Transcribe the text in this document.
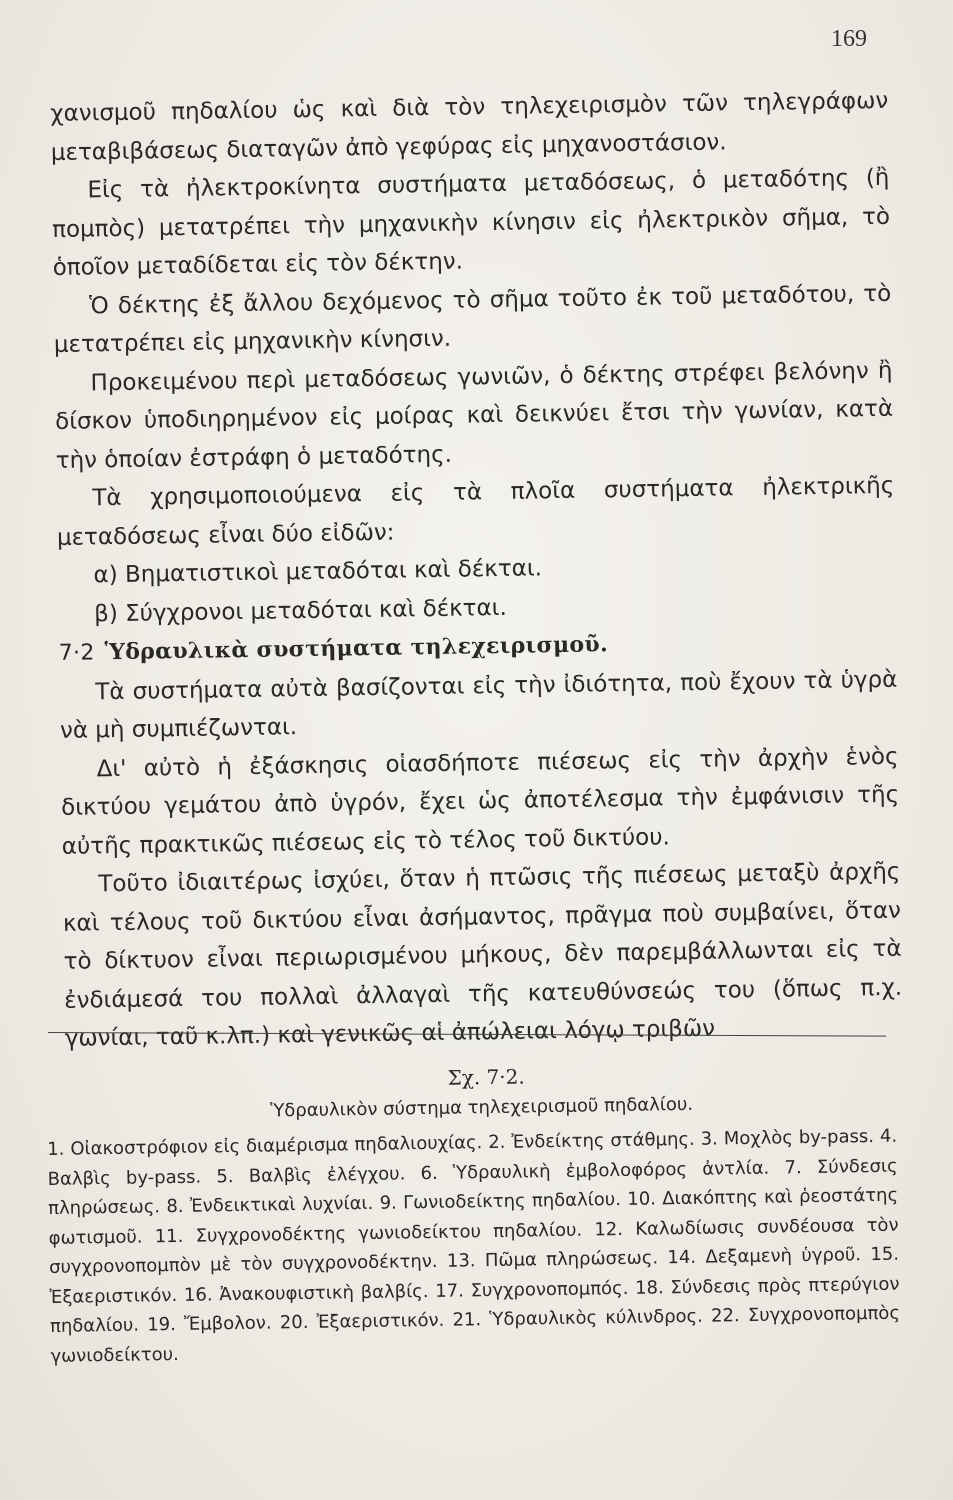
169

χανισμοῦ πηδαλίου ὡς καὶ διὰ τὸν τηλεχειρισμὸν τῶν τηλεγράφων μεταβιβάσεως διαταγῶν ἀπὸ γεφύρας εἰς μηχανοστάσιον.

Εἰς τὰ ἠλεκτροκίνητα συστήματα μεταδόσεως, ὁ μεταδότης (ἢ πομπὸς) μετατρέπει τὴν μηχανικὴν κίνησιν εἰς ἠλεκτρικὸν σῆμα, τὸ ὁποῖον μεταδίδεται εἰς τὸν δέκτην.

Ὁ δέκτης ἐξ ἄλλου δεχόμενος τὸ σῆμα τοῦτο ἐκ τοῦ μεταδότου, τὸ μετατρέπει εἰς μηχανικὴν κίνησιν.

Προκειμένου περὶ μεταδόσεως γωνιῶν, ὁ δέκτης στρέφει βελόνην ἢ δίσκον ὑποδιηρημένον εἰς μοίρας καὶ δεικνύει ἔτσι τὴν γωνίαν, κατὰ τὴν ὁποίαν ἐστράφη ὁ μεταδότης.

Τὰ χρησιμοποιούμενα εἰς τὰ πλοῖα συστήματα ἠλεκτρικῆς μεταδόσεως εἶναι δύο εἰδῶν:

α) Βηματιστικοὶ μεταδόται καὶ δέκται.

β) Σύγχρονοι μεταδόται καὶ δέκται.

7·2 Ὑδραυλικὰ συστήματα τηλεχειρισμοῦ.

Τὰ συστήματα αὐτὰ βασίζονται εἰς τὴν ἰδιότητα, ποὺ ἔχουν τὰ ὑγρὰ νὰ μὴ συμπιέζωνται.

Δι' αὐτὸ ἡ ἐξάσκησις οἱασδήποτε πιέσεως εἰς τὴν ἀρχὴν ἑνὸς δικτύου γεμάτου ἀπὸ ὑγρόν, ἔχει ὡς ἀποτέλεσμα τὴν ἐμφάνισιν τῆς αὐτῆς πρακτικῶς πιέσεως εἰς τὸ τέλος τοῦ δικτύου.

Τοῦτο ἰδιαιτέρως ἰσχύει, ὅταν ἡ πτῶσις τῆς πιέσεως μεταξὺ ἀρχῆς καὶ τέλους τοῦ δικτύου εἶναι ἀσήμαντος, πρᾶγμα ποὺ συμβαίνει, ὅταν τὸ δίκτυον εἶναι περιωρισμένου μήκους, δὲν παρεμβάλλωνται εἰς τὰ ἐνδιάμεσά του πολλαὶ ἀλλαγαὶ τῆς κατευθύνσεώς του (ὅπως π.χ. γωνίαι, ταῦ κ.λπ.) καὶ γενικῶς αἱ ἀπώλειαι λόγῳ τριβῶν

Σχ. 7·2.

Ὑδραυλικὸν σύστημα τηλεχειρισμοῦ πηδαλίου.

1. Οἰακοστρόφιον εἰς διαμέρισμα πηδαλιουχίας. 2. Ἐνδείκτης στάθμης. 3. Μοχλὸς by-pass. 4. Βαλβὶς by-pass. 5. Βαλβὶς ἐλέγχου. 6. Ὑδραυλικὴ ἐμβολοφόρος ἀντλία. 7. Σύνδεσις πληρώσεως. 8. Ἐνδεικτικαὶ λυχνίαι. 9. Γωνιοδείκτης πηδαλίου. 10. Διακόπτης καὶ ῥεοστάτης φωτισμοῦ. 11. Συγχρονοδέκτης γωνιοδείκτου πηδαλίου. 12. Καλωδίωσις συνδέουσα τὸν συγχρονοπομπὸν μὲ τὸν συγχρονοδέκτην. 13. Πῶμα πληρώσεως. 14. Δεξαμενὴ ὑγροῦ. 15. Ἐξαεριστικόν. 16. Ἀνακουφιστικὴ βαλβίς. 17. Συγχρονοπομπός. 18. Σύνδεσις πρὸς πτερύγιον πηδαλίου. 19. Ἔμβολον. 20. Ἐξαεριστικόν. 21. Ὑδραυλικὸς κύλινδρος. 22. Συγχρονοπομπὸς γωνιοδείκτου.
